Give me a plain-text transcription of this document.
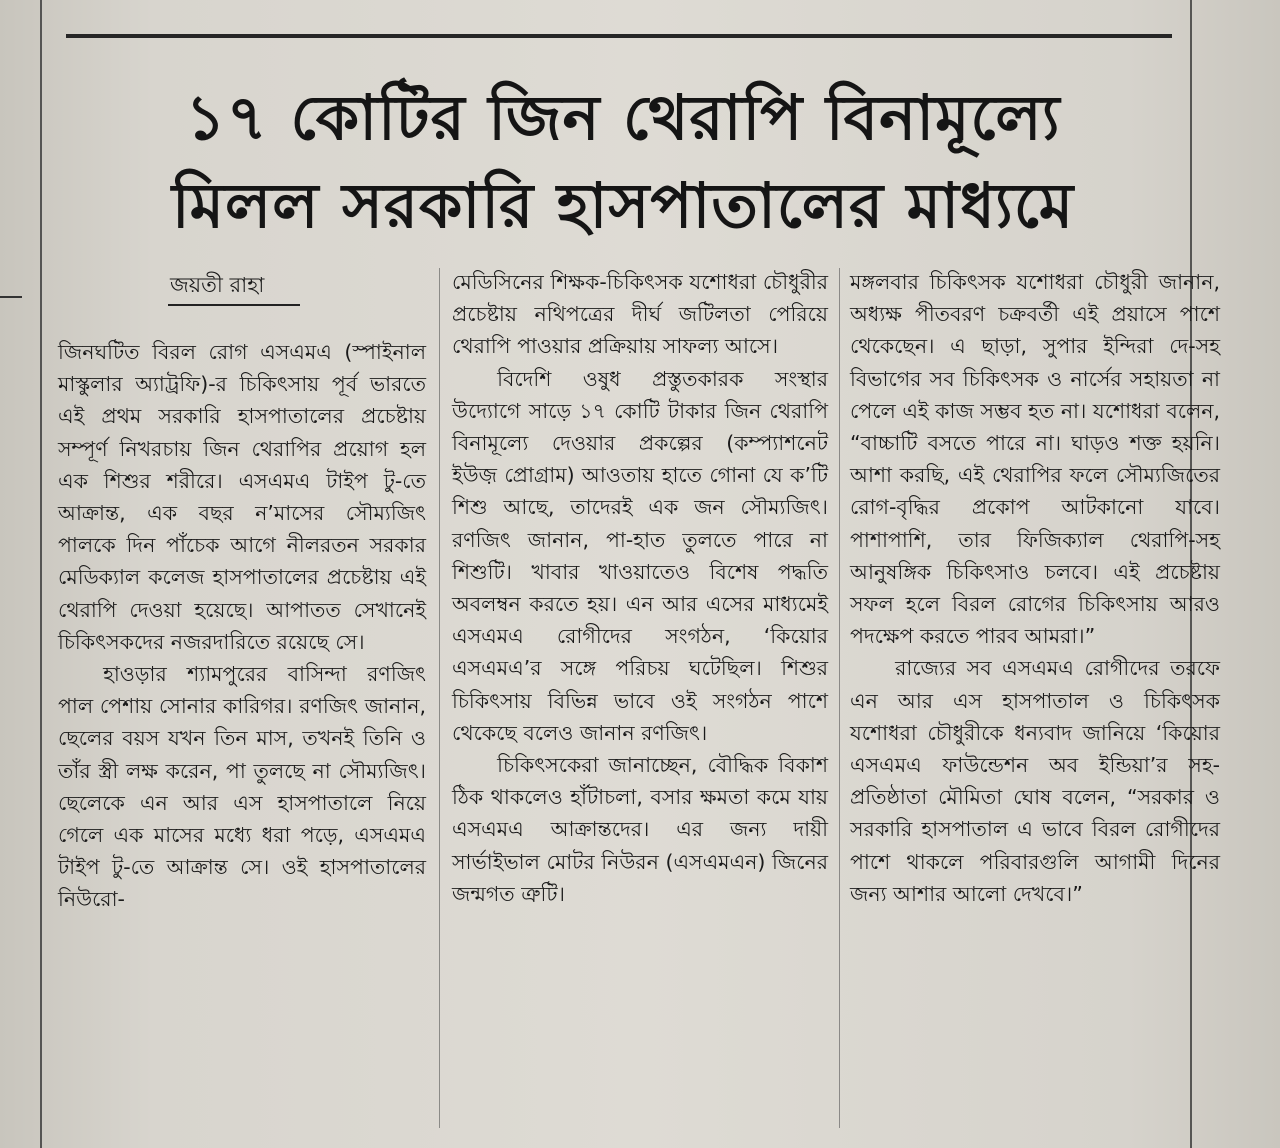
১৭ কোটির জিন থেরাপি বিনামূল্যে
মিলল সরকারি হাসপাতালের মাধ্যমে
জয়তী রাহা

জিনঘটিত বিরল রোগ এসএমএ (স্পাইনাল মাস্কুলার অ্যাট্রফি)-র চিকিৎসায় পূর্ব ভারতে এই প্রথম সরকারি হাসপাতালের প্রচেষ্টায় সম্পূর্ণ নিখরচায় জিন থেরাপির প্রয়োগ হল এক শিশুর শরীরে। এসএমএ টাইপ টু-তে আক্রান্ত, এক বছর ন’মাসের সৌম্যজিৎ পালকে দিন পাঁচেক আগে নীলরতন সরকার মেডিক্যাল কলেজ হাসপাতালের প্রচেষ্টায় এই থেরাপি দেওয়া হয়েছে। আপাতত সেখানেই চিকিৎসকদের নজরদারিতে রয়েছে সে।

হাওড়ার শ্যামপুরের বাসিন্দা রণজিৎ পাল পেশায় সোনার কারিগর। রণজিৎ জানান, ছেলের বয়স যখন তিন মাস, তখনই তিনি ও তাঁর স্ত্রী লক্ষ করেন, পা তুলছে না সৌম্যজিৎ। ছেলেকে এন আর এস হাসপাতালে নিয়ে গেলে এক মাসের মধ্যে ধরা পড়ে, এসএমএ টাইপ টু-তে আক্রান্ত সে। ওই হাসপাতালের নিউরো-

মেডিসিনের শিক্ষক-চিকিৎসক যশোধরা চৌধুরীর প্রচেষ্টায় নথিপত্রের দীর্ঘ জটিলতা পেরিয়ে থেরাপি পাওয়ার প্রক্রিয়ায় সাফল্য আসে।

বিদেশি ওষুধ প্রস্তুতকারক সংস্থার উদ্যোগে সাড়ে ১৭ কোটি টাকার জিন থেরাপি বিনামূল্যে দেওয়ার প্রকল্পের (কম্প্যাশনেট ইউজ় প্রোগ্রাম) আওতায় হাতে গোনা যে ক’টি শিশু আছে, তাদেরই এক জন সৌম্যজিৎ। রণজিৎ জানান, পা-হাত তুলতে পারে না শিশুটি। খাবার খাওয়াতেও বিশেষ পদ্ধতি অবলম্বন করতে হয়। এন আর এসের মাধ্যমেই এসএমএ রোগীদের সংগঠন, ‘কিয়োর এসএমএ’র সঙ্গে পরিচয় ঘটেছিল। শিশুর চিকিৎসায় বিভিন্ন ভাবে ওই সংগঠন পাশে থেকেছে বলেও জানান রণজিৎ।

চিকিৎসকেরা জানাচ্ছেন, বৌদ্ধিক বিকাশ ঠিক থাকলেও হাঁটাচলা, বসার ক্ষমতা কমে যায় এসএমএ আক্রান্তদের। এর জন্য দায়ী সার্ভাইভাল মোটর নিউরন (এসএমএন) জিনের জন্মগত ত্রুটি।

মঙ্গলবার চিকিৎসক যশোধরা চৌধুরী জানান, অধ্যক্ষ পীতবরণ চক্রবর্তী এই প্রয়াসে পাশে থেকেছেন। এ ছাড়া, সুপার ইন্দিরা দে-সহ বিভাগের সব চিকিৎসক ও নার্সের সহায়তা না পেলে এই কাজ সম্ভব হত না। যশোধরা বলেন, “বাচ্চাটি বসতে পারে না। ঘাড়ও শক্ত হয়নি। আশা করছি, এই থেরাপির ফলে সৌম্যজিতের রোগ-বৃদ্ধির প্রকোপ আটকানো যাবে। পাশাপাশি, তার ফিজিক্যাল থেরাপি-সহ আনুষঙ্গিক চিকিৎসাও চলবে। এই প্রচেষ্টায় সফল হলে বিরল রোগের চিকিৎসায় আরও পদক্ষেপ করতে পারব আমরা।”

রাজ্যের সব এসএমএ রোগীদের তরফে এন আর এস হাসপাতাল ও চিকিৎসক যশোধরা চৌধুরীকে ধন্যবাদ জানিয়ে ‘কিয়োর এসএমএ ফাউন্ডেশন অব ইন্ডিয়া’র সহ-প্রতিষ্ঠাতা মৌমিতা ঘোষ বলেন, “সরকার ও সরকারি হাসপাতাল এ ভাবে বিরল রোগীদের পাশে থাকলে পরিবারগুলি আগামী দিনের জন্য আশার আলো দেখবে।”
